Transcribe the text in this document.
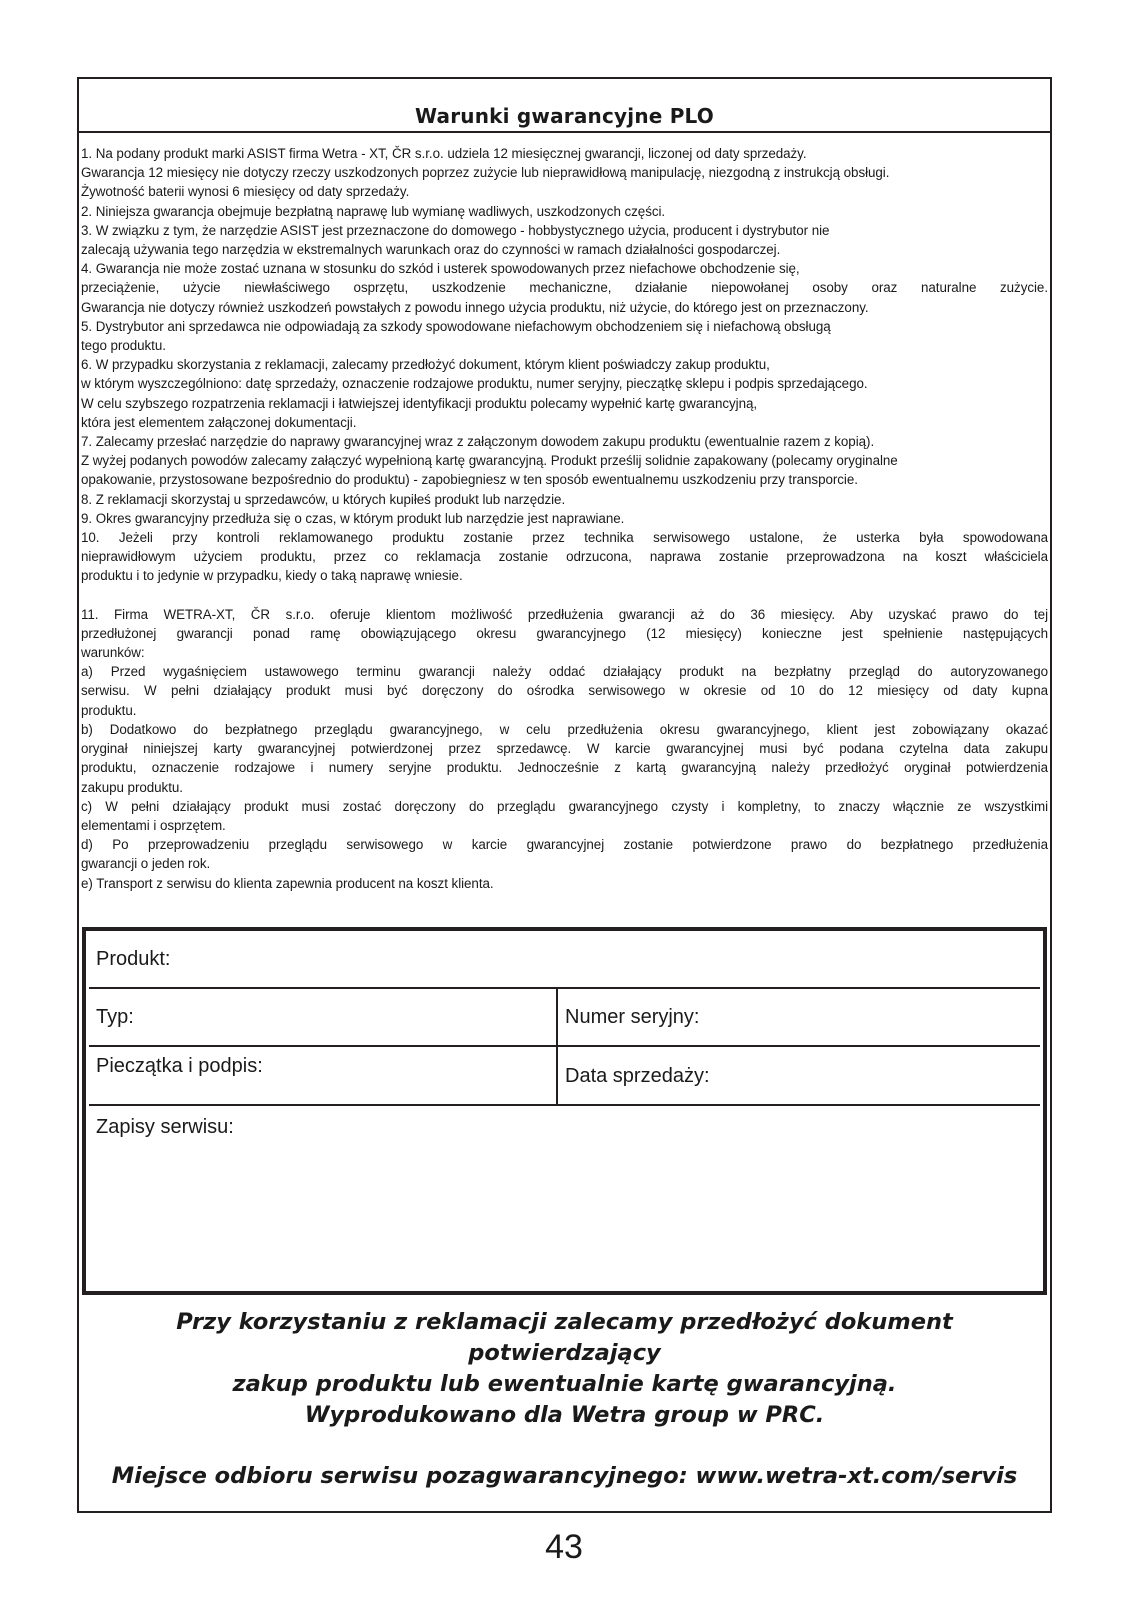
Warunki gwarancyjne PLO

1. Na podany produkt marki ASIST firma Wetra - XT, ČR s.r.o. udziela 12 miesięcznej gwarancji, liczonej od daty sprzedaży.

Gwarancja 12 miesięcy nie dotyczy rzeczy uszkodzonych poprzez zużycie lub nieprawidłową manipulację, niezgodną z instrukcją obsługi.

Żywotność baterii wynosi 6 miesięcy od daty sprzedaży.

2. Niniejsza gwarancja obejmuje bezpłatną naprawę lub wymianę wadliwych, uszkodzonych części.

3. W związku z tym, że narzędzie ASIST jest przeznaczone do domowego - hobbystycznego użycia, producent i dystrybutor nie

zalecają używania tego narzędzia w ekstremalnych warunkach oraz do czynności w ramach działalności gospodarczej.

4. Gwarancja nie może zostać uznana w stosunku do szkód i usterek spowodowanych przez niefachowe obchodzenie się,

przeciążenie, użycie niewłaściwego osprzętu, uszkodzenie mechaniczne, działanie niepowołanej osoby oraz naturalne zużycie.

Gwarancja nie dotyczy również uszkodzeń powstałych z powodu innego użycia produktu, niż użycie, do którego jest on przeznaczony.

5. Dystrybutor ani sprzedawca nie odpowiadają za szkody spowodowane niefachowym obchodzeniem się i niefachową obsługą

tego produktu.

6. W przypadku skorzystania z reklamacji, zalecamy przedłożyć dokument, którym klient poświadczy zakup produktu,

w którym wyszczególniono: datę sprzedaży, oznaczenie rodzajowe produktu, numer seryjny, pieczątkę sklepu i podpis sprzedającego.

W celu szybszego rozpatrzenia reklamacji i łatwiejszej identyfikacji produktu polecamy wypełnić kartę gwarancyjną,

która jest elementem załączonej dokumentacji.

7. Zalecamy przesłać narzędzie do naprawy gwarancyjnej wraz z załączonym dowodem zakupu produktu (ewentualnie razem z kopią).

Z wyżej podanych powodów zalecamy załączyć wypełnioną kartę gwarancyjną. Produkt prześlij solidnie zapakowany (polecamy oryginalne

opakowanie, przystosowane bezpośrednio do produktu) - zapobiegniesz w ten sposób ewentualnemu uszkodzeniu przy transporcie.

8. Z reklamacji skorzystaj u sprzedawców, u których kupiłeś produkt lub narzędzie.

9. Okres gwarancyjny przedłuża się o czas, w którym produkt lub narzędzie jest naprawiane.

10. Jeżeli przy kontroli reklamowanego produktu zostanie przez technika serwisowego ustalone, że usterka była spowodowana

nieprawidłowym użyciem produktu, przez co reklamacja zostanie odrzucona, naprawa zostanie przeprowadzona na koszt właściciela

produktu i to jedynie w przypadku, kiedy o taką naprawę wniesie.

11. Firma WETRA-XT, ČR s.r.o. oferuje klientom możliwość przedłużenia gwarancji aż do 36 miesięcy. Aby uzyskać prawo do tej

przedłużonej gwarancji ponad ramę obowiązującego okresu gwarancyjnego (12 miesięcy) konieczne jest spełnienie następujących

warunków:

a) Przed wygaśnięciem ustawowego terminu gwarancji należy oddać działający produkt na bezpłatny przegląd do autoryzowanego

serwisu. W pełni działający produkt musi być doręczony do ośrodka serwisowego w okresie od 10 do 12 miesięcy od daty kupna

produktu.

b) Dodatkowo do bezpłatnego przeglądu gwarancyjnego, w celu przedłużenia okresu gwarancyjnego, klient jest zobowiązany okazać

oryginał niniejszej karty gwarancyjnej potwierdzonej przez sprzedawcę. W karcie gwarancyjnej musi być podana czytelna data zakupu

produktu, oznaczenie rodzajowe i numery seryjne produktu. Jednocześnie z kartą gwarancyjną należy przedłożyć oryginał potwierdzenia

zakupu produktu.

c) W pełni działający produkt musi zostać doręczony do przeglądu gwarancyjnego czysty i kompletny, to znaczy włącznie ze wszystkimi

elementami i osprzętem.

d) Po przeprowadzeniu przeglądu serwisowego w karcie gwarancyjnej zostanie potwierdzone prawo do bezpłatnego przedłużenia

gwarancji o jeden rok.

e) Transport z serwisu do klienta zapewnia producent na koszt klienta.

Produkt:
Typ:	Numer seryjny:
Pieczątka i podpis:	Data sprzedaży:
Zapisy serwisu:
Przy korzystaniu z reklamacji zalecamy przedłożyć dokument potwierdzający
zakup produktu lub ewentualnie kartę gwarancyjną.
Wyprodukowano dla Wetra group w PRC.
Miejsce odbioru serwisu pozagwarancyjnego: www.wetra-xt.com/servis
43
